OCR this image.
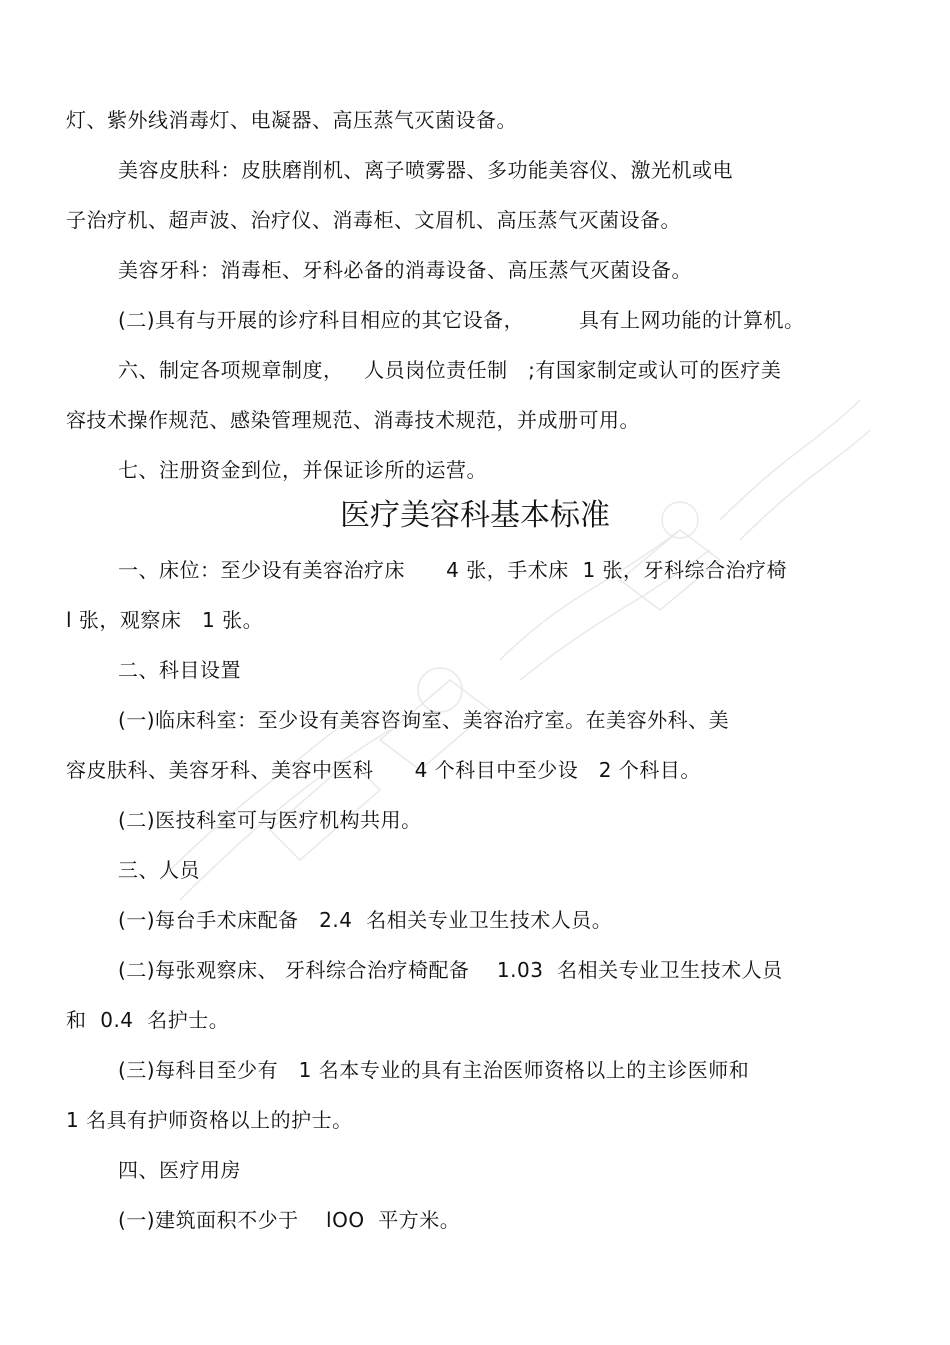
灯、紫外线消毒灯、电凝器、高压蒸气灭菌设备。
美容皮肤科：皮肤磨削机、离子喷雾器、多功能美容仪、激光机或电
子治疗机、超声波、治疗仪、消毒柜、文眉机、高压蒸气灭菌设备。
美容牙科：消毒柜、牙科必备的消毒设备、高压蒸气灭菌设备。
(二)具有与开展的诊疗科目相应的其它设备，        具有上网功能的计算机。
六、制定各项规章制度，   人员岗位责任制   ;有国家制定或认可的医疗美
容技术操作规范、感染管理规范、消毒技术规范，并成册可用。
七、注册资金到位，并保证诊所的运营。
医疗美容科基本标准
一、床位：至少设有美容治疗床      4 张，手术床  1 张，牙科综合治疗椅
l 张，观察床   1 张。
二、科目设置
(一)临床科室：至少设有美容咨询室、美容治疗室。在美容外科、美
容皮肤科、美容牙科、美容中医科      4 个科目中至少设   2 个科目。
(二)医技科室可与医疗机构共用。
三、人员
(一)每台手术床配备   2.4  名相关专业卫生技术人员。
(二)每张观察床、 牙科综合治疗椅配备    1.03  名相关专业卫生技术人员
和  0.4  名护士。
(三)每科目至少有   1 名本专业的具有主治医师资格以上的主诊医师和
1 名具有护师资格以上的护士。
四、医疗用房
(一)建筑面积不少于    lOO  平方米。
